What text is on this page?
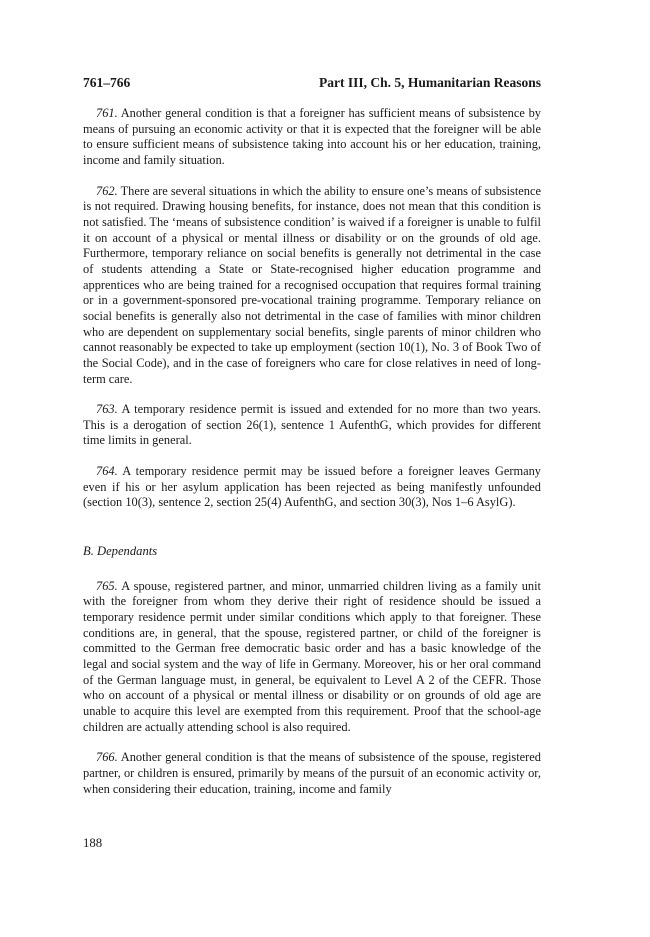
761–766	Part III, Ch. 5, Humanitarian Reasons

761. Another general condition is that a foreigner has sufficient means of subsistence by means of pursuing an economic activity or that it is expected that the foreigner will be able to ensure sufficient means of subsistence taking into account his or her education, training, income and family situation.

762. There are several situations in which the ability to ensure one’s means of subsistence is not required. Drawing housing benefits, for instance, does not mean that this condition is not satisfied. The ‘means of subsistence condition’ is waived if a foreigner is unable to fulfil it on account of a physical or mental illness or disability or on the grounds of old age. Furthermore, temporary reliance on social benefits is generally not detrimental in the case of students attending a State or State-recognised higher education programme and apprentices who are being trained for a recognised occupation that requires formal training or in a government-sponsored pre-vocational training programme. Temporary reliance on social benefits is generally also not detrimental in the case of families with minor children who are dependent on supplementary social benefits, single parents of minor children who cannot reasonably be expected to take up employment (section 10(1), No. 3 of Book Two of the Social Code), and in the case of foreigners who care for close relatives in need of long-term care.

763. A temporary residence permit is issued and extended for no more than two years. This is a derogation of section 26(1), sentence 1 AufenthG, which provides for different time limits in general.

764. A temporary residence permit may be issued before a foreigner leaves Germany even if his or her asylum application has been rejected as being manifestly unfounded (section 10(3), sentence 2, section 25(4) AufenthG, and section 30(3), Nos 1–6 AsylG).

B. Dependants

765. A spouse, registered partner, and minor, unmarried children living as a family unit with the foreigner from whom they derive their right of residence should be issued a temporary residence permit under similar conditions which apply to that foreigner. These conditions are, in general, that the spouse, registered partner, or child of the foreigner is committed to the German free democratic basic order and has a basic knowledge of the legal and social system and the way of life in Germany. Moreover, his or her oral command of the German language must, in general, be equivalent to Level A 2 of the CEFR. Those who on account of a physical or mental illness or disability or on grounds of old age are unable to acquire this level are exempted from this requirement. Proof that the school-age children are actually attending school is also required.

766. Another general condition is that the means of subsistence of the spouse, registered partner, or children is ensured, primarily by means of the pursuit of an economic activity or, when considering their education, training, income and family

188
